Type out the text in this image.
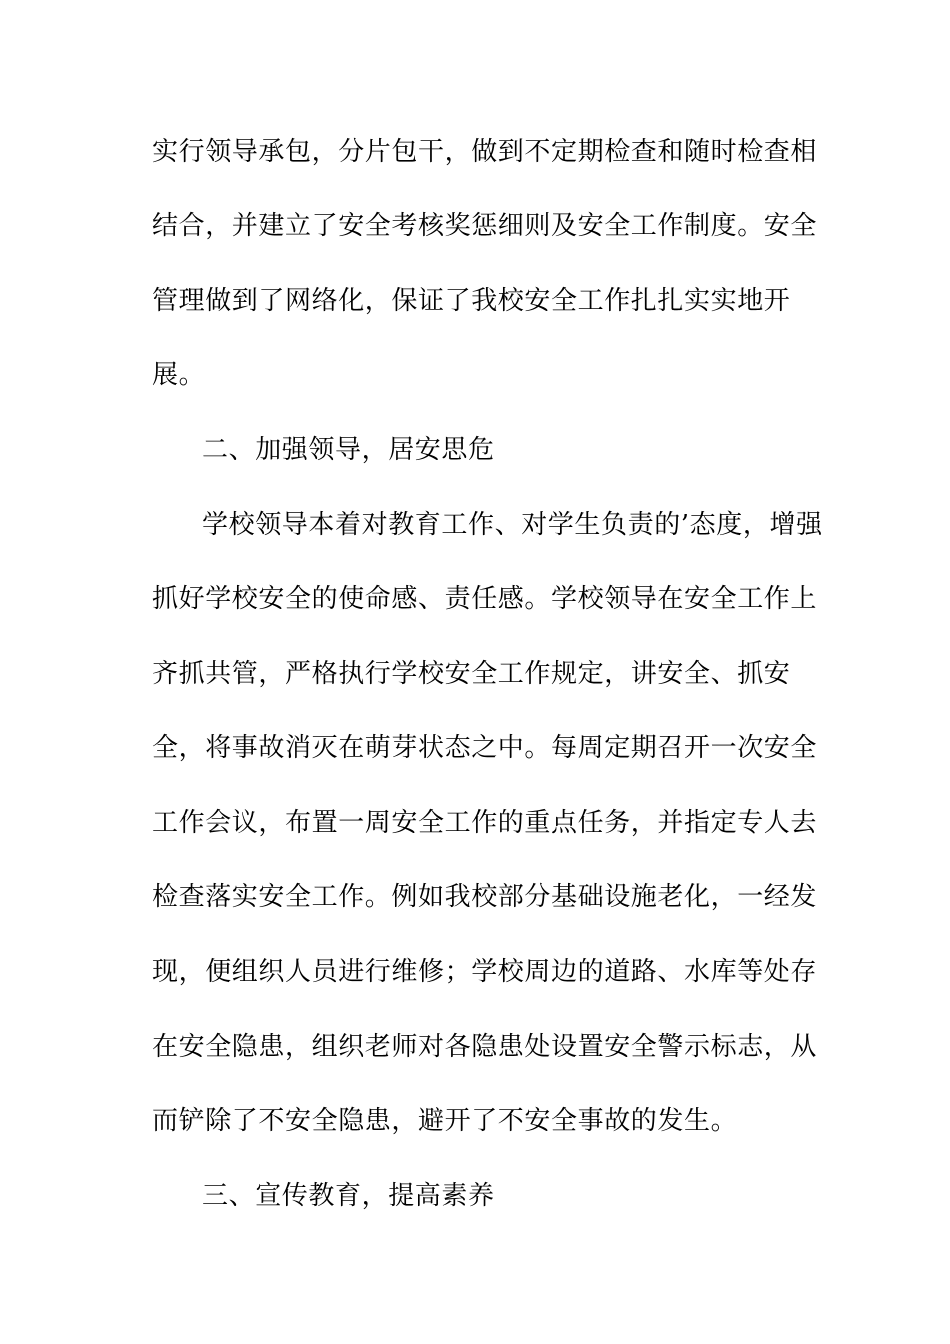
实行领导承包，分片包干，做到不定期检查和随时检查相
结合，并建立了安全考核奖惩细则及安全工作制度。安全
管理做到了网络化，保证了我校安全工作扎扎实实地开
展。
二、加强领导，居安思危
学校领导本着对教育工作、对学生负责的’态度，增强
抓好学校安全的使命感、责任感。学校领导在安全工作上
齐抓共管，严格执行学校安全工作规定，讲安全、抓安
全，将事故消灭在萌芽状态之中。每周定期召开一次安全
工作会议，布置一周安全工作的重点任务，并指定专人去
检查落实安全工作。例如我校部分基础设施老化，一经发
现，便组织人员进行维修；学校周边的道路、水库等处存
在安全隐患，组织老师对各隐患处设置安全警示标志，从
而铲除了不安全隐患，避开了不安全事故的发生。
三、宣传教育，提高素养
